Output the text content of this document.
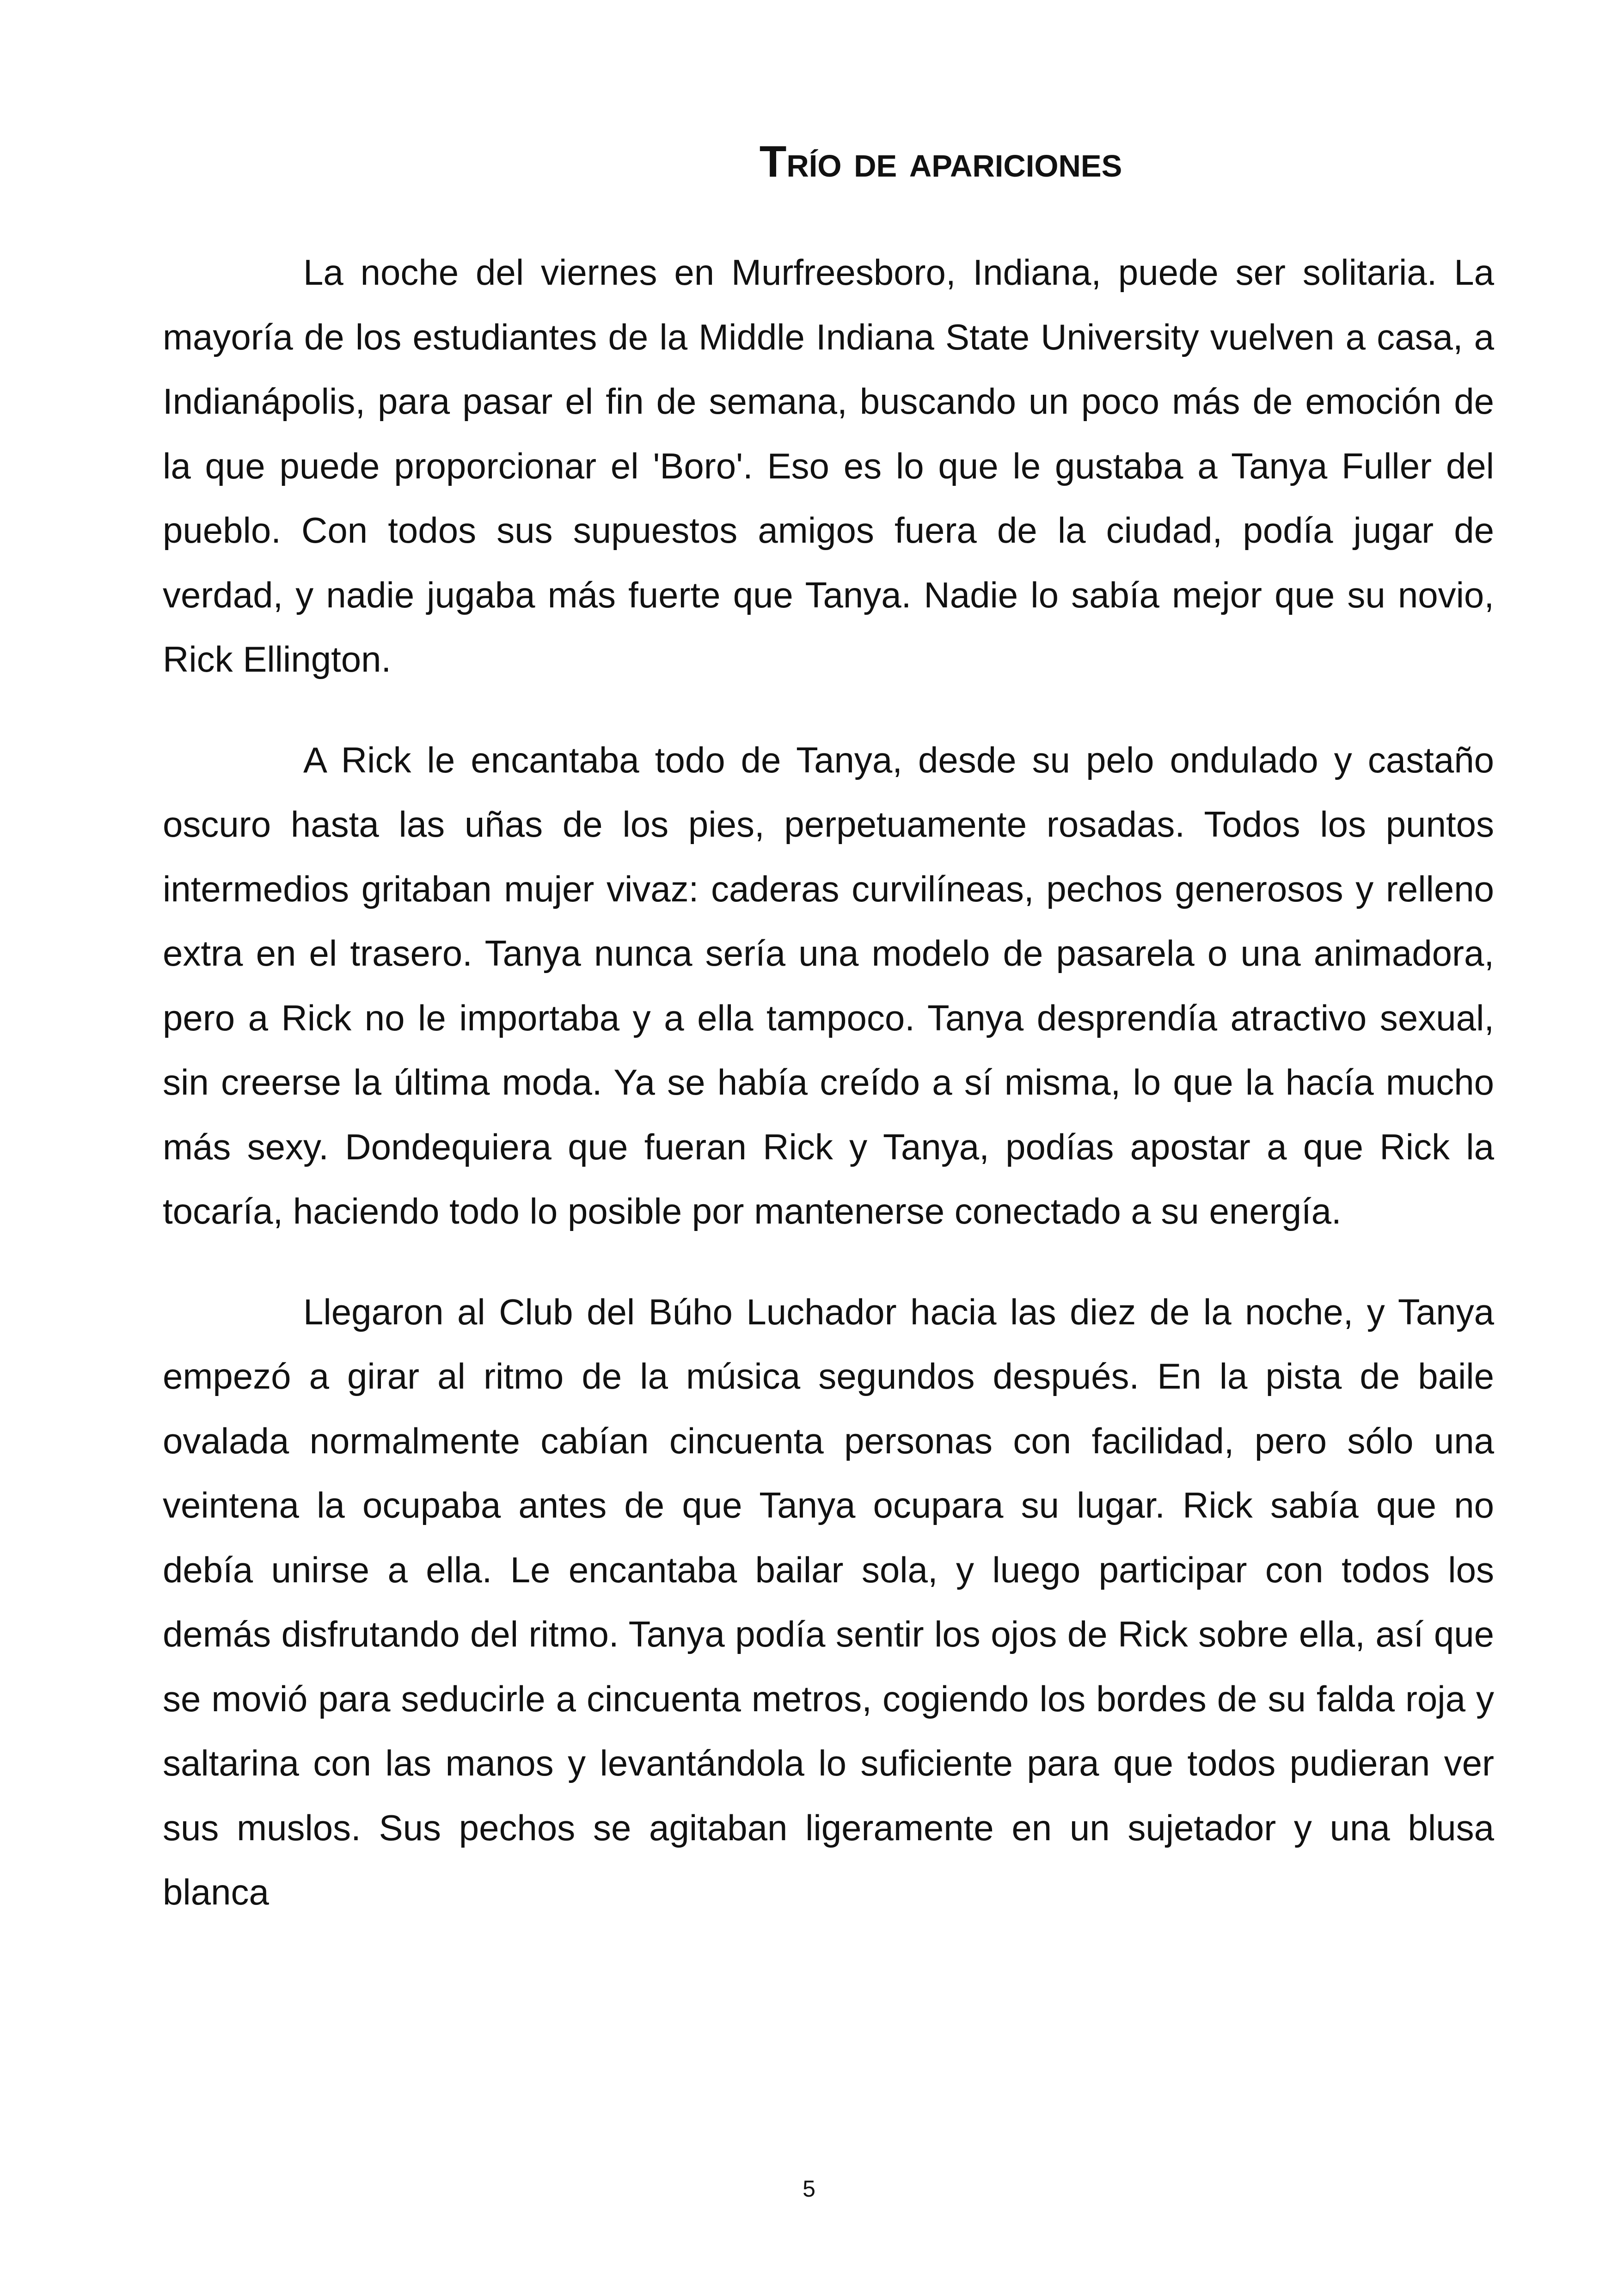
Trío de apariciones

La noche del viernes en Murfreesboro, Indiana, puede ser solitaria. La mayoría de los estudiantes de la Middle Indiana State University vuelven a casa, a Indianápolis, para pasar el fin de semana, buscando un poco más de emoción de la que puede proporcionar el 'Boro'. Eso es lo que le gustaba a Tanya Fuller del pueblo. Con todos sus supuestos amigos fuera de la ciudad, podía jugar de verdad, y nadie jugaba más fuerte que Tanya. Nadie lo sabía mejor que su novio, Rick Ellington.

A Rick le encantaba todo de Tanya, desde su pelo ondulado y castaño oscuro hasta las uñas de los pies, perpetuamente rosadas. Todos los puntos intermedios gritaban mujer vivaz: caderas curvilíneas, pechos generosos y relleno extra en el trasero. Tanya nunca sería una modelo de pasarela o una animadora, pero a Rick no le importaba y a ella tampoco. Tanya desprendía atractivo sexual, sin creerse la última moda. Ya se había creído a sí misma, lo que la hacía mucho más sexy. Dondequiera que fueran Rick y Tanya, podías apostar a que Rick la tocaría, haciendo todo lo posible por mantenerse conectado a su energía.

Llegaron al Club del Búho Luchador hacia las diez de la noche, y Tanya empezó a girar al ritmo de la música segundos después. En la pista de baile ovalada normalmente cabían cincuenta personas con facilidad, pero sólo una veintena la ocupaba antes de que Tanya ocupara su lugar. Rick sabía que no debía unirse a ella. Le encantaba bailar sola, y luego participar con todos los demás disfrutando del ritmo. Tanya podía sentir los ojos de Rick sobre ella, así que se movió para seducirle a cincuenta metros, cogiendo los bordes de su falda roja y saltarina con las manos y levantándola lo suficiente para que todos pudieran ver sus muslos. Sus pechos se agitaban ligeramente en un sujetador y una blusa blanca

5
